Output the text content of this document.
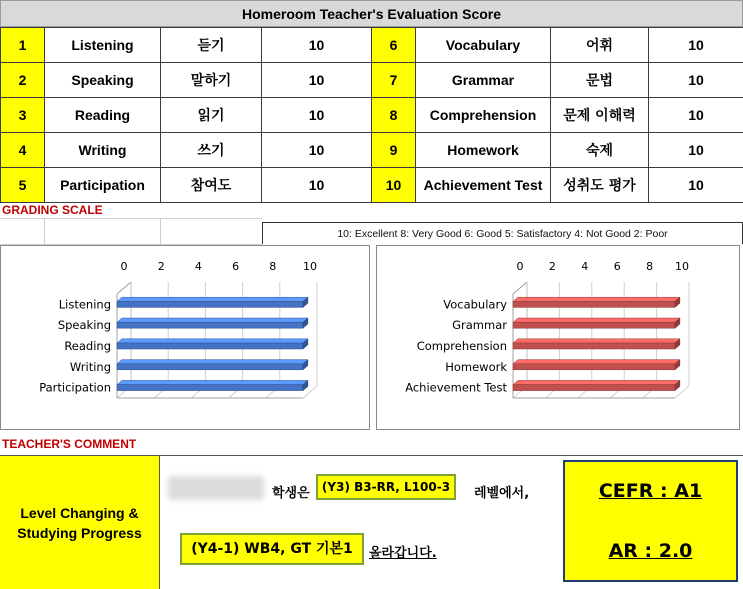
Homeroom Teacher's Evaluation Score
1	Listening	듣기	10	6	Vocabulary	어휘	10
2	Speaking	말하기	10	7	Grammar	문법	10
3	Reading	읽기	10	8	Comprehension	문제 이해력	10
4	Writing	쓰기	10	9	Homework	숙제	10
5	Participation	참여도	10	10	Achievement Test	성취도 평가	10
GRADING SCALE
10: Excellent 8: Very Good 6: Good 5: Satisfactory 4: Not Good 2: Poor
0	2	4	6	8 10
Listening
Speaking
Reading
Writing
Participation
0 2 4 6 8 10
Vocabulary
Grammar
Comprehension
Homework
Achievement Test
TEACHER'S COMMENT
Level Changing &
Studying Progress
학생은	(Y3) B3-RR, L100-3	레벨에서,
(Y4-1) WB4, GT 기본1	올라갑니다.
CEFR : A1
AR : 2.0
